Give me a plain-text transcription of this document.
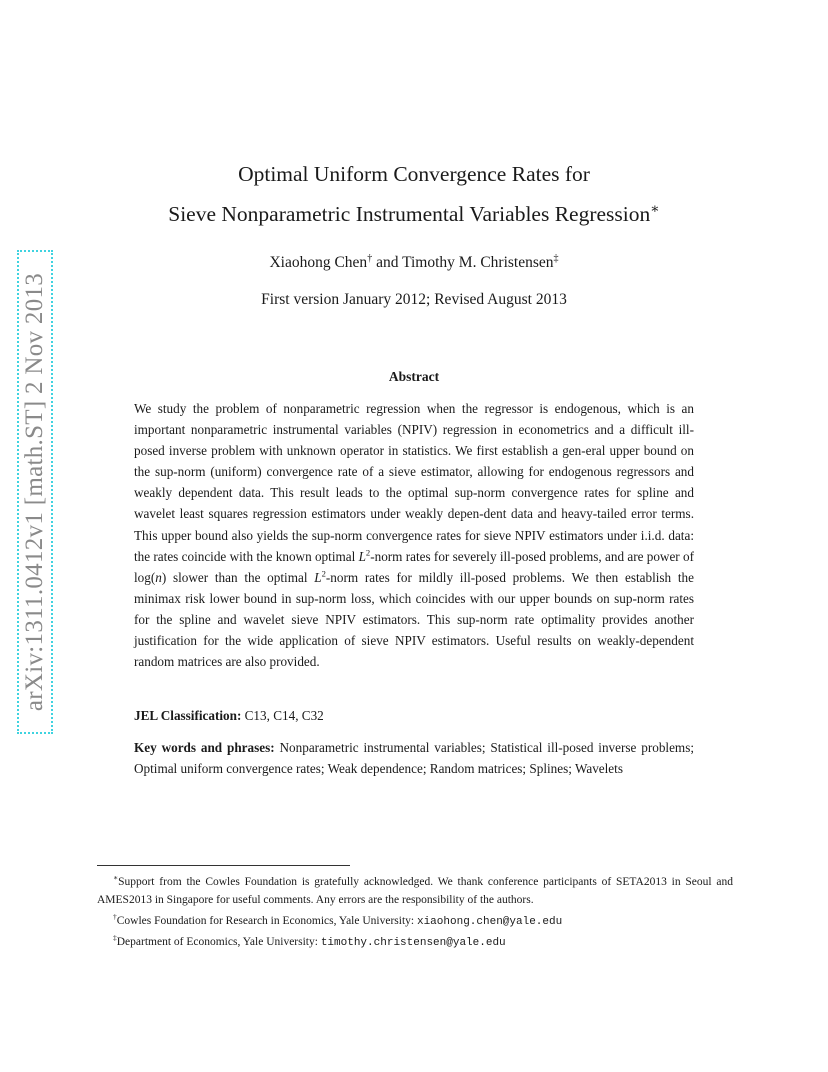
arXiv:1311.0412v1 [math.ST] 2 Nov 2013
Optimal Uniform Convergence Rates for
Sieve Nonparametric Instrumental Variables Regression∗
Xiaohong Chen† and Timothy M. Christensen‡
First version January 2012; Revised August 2013
Abstract
We study the problem of nonparametric regression when the regressor is endogenous, which is an important nonparametric instrumental variables (NPIV) regression in econometrics and a difficult ill-posed inverse problem with unknown operator in statistics. We first establish a gen-eral upper bound on the sup-norm (uniform) convergence rate of a sieve estimator, allowing for endogenous regressors and weakly dependent data. This result leads to the optimal sup-norm convergence rates for spline and wavelet least squares regression estimators under weakly depen-dent data and heavy-tailed error terms. This upper bound also yields the sup-norm convergence rates for sieve NPIV estimators under i.i.d. data: the rates coincide with the known optimal $L^2$-norm rates for severely ill-posed problems, and are power of log(n) slower than the optimal $L^2$-norm rates for mildly ill-posed problems. We then establish the minimax risk lower bound in sup-norm loss, which coincides with our upper bounds on sup-norm rates for the spline and wavelet sieve NPIV estimators. This sup-norm rate optimality provides another justification for the wide application of sieve NPIV estimators. Useful results on weakly-dependent random matrices are also provided.
JEL Classification: C13, C14, C32
Key words and phrases: Nonparametric instrumental variables; Statistical ill-posed inverse problems; Optimal uniform convergence rates; Weak dependence; Random matrices; Splines; Wavelets
∗Support from the Cowles Foundation is gratefully acknowledged. We thank conference participants of SETA2013 in Seoul and AMES2013 in Singapore for useful comments. Any errors are the responsibility of the authors.
†Cowles Foundation for Research in Economics, Yale University: xiaohong.chen@yale.edu
‡Department of Economics, Yale University: timothy.christensen@yale.edu
